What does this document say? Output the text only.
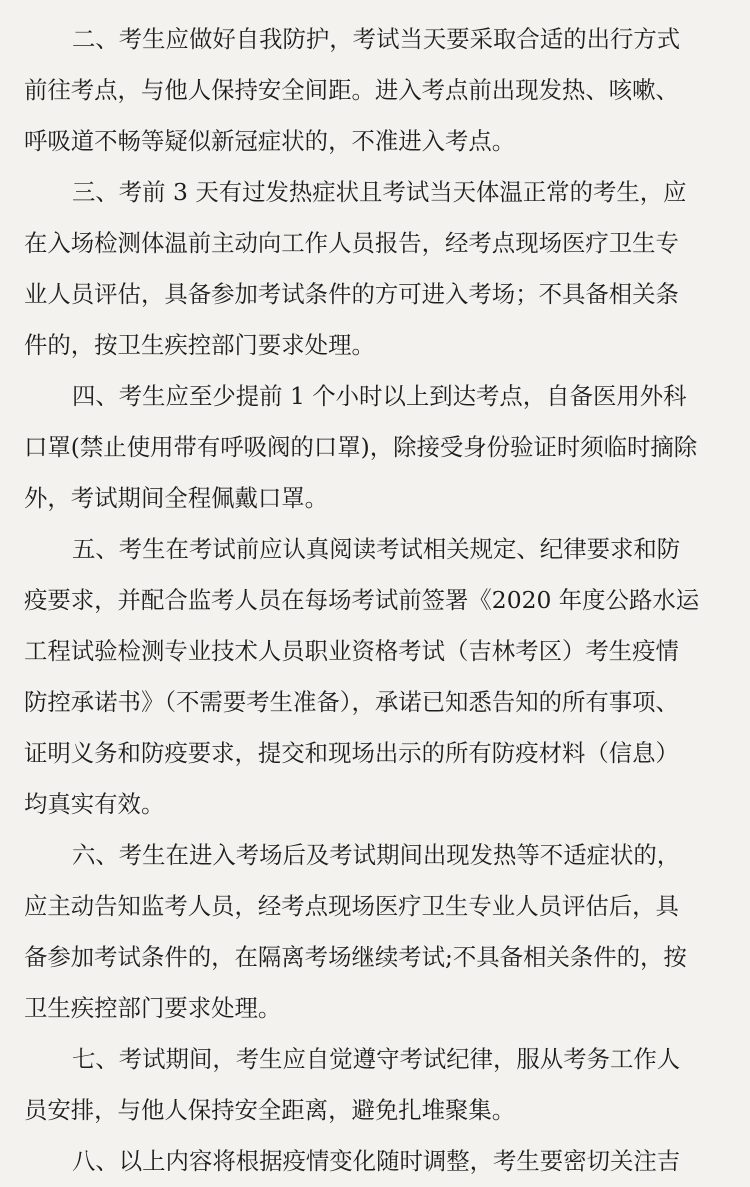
二、考生应做好自我防护，考试当天要采取合适的出行方式
前往考点，与他人保持安全间距。进入考点前出现发热、咳嗽、
呼吸道不畅等疑似新冠症状的，不准进入考点。
三、考前 3 天有过发热症状且考试当天体温正常的考生，应
在入场检测体温前主动向工作人员报告，经考点现场医疗卫生专
业人员评估，具备参加考试条件的方可进入考场；不具备相关条
件的，按卫生疾控部门要求处理。
四、考生应至少提前 1 个小时以上到达考点，自备医用外科
口罩(禁止使用带有呼吸阀的口罩)，除接受身份验证时须临时摘除
外，考试期间全程佩戴口罩。
五、考生在考试前应认真阅读考试相关规定、纪律要求和防
疫要求，并配合监考人员在每场考试前签署《2020 年度公路水运
工程试验检测专业技术人员职业资格考试（吉林考区）考生疫情
防控承诺书》（不需要考生准备），承诺已知悉告知的所有事项、
证明义务和防疫要求，提交和现场出示的所有防疫材料（信息）
均真实有效。
六、考生在进入考场后及考试期间出现发热等不适症状的，
应主动告知监考人员，经考点现场医疗卫生专业人员评估后，具
备参加考试条件的，在隔离考场继续考试;不具备相关条件的，按
卫生疾控部门要求处理。
七、考试期间，考生应自觉遵守考试纪律，服从考务工作人
员安排，与他人保持安全距离，避免扎堆聚集。
八、以上内容将根据疫情变化随时调整，考生要密切关注吉
